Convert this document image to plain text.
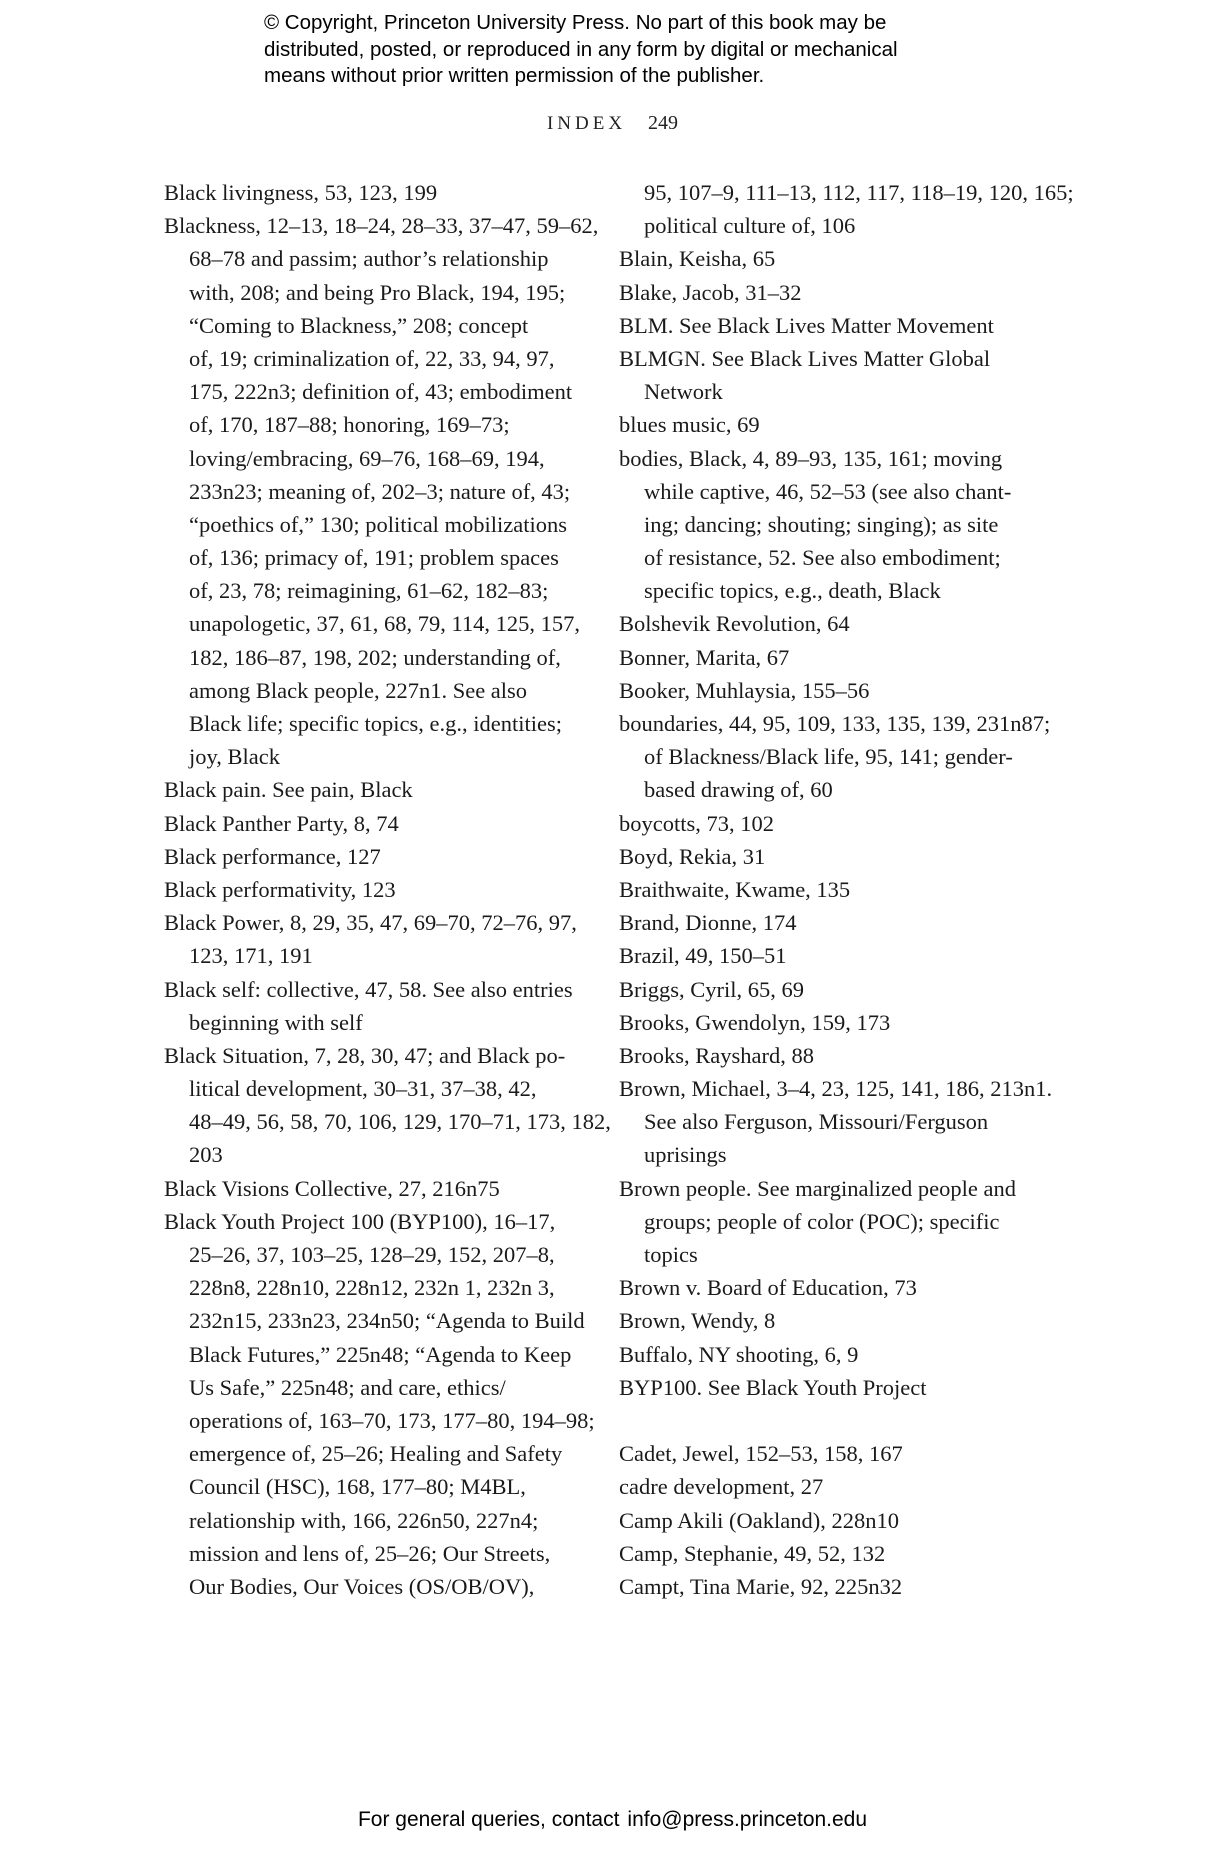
© Copyright, Princeton University Press. No part of this book may be
distributed, posted, or reproduced in any form by digital or mechanical
means without prior written permission of the publisher.
INDEX 249
Black livingness, 53, 123, 199
Blackness, 12–13, 18–24, 28–33, 37–47, 59–62,
68–78 and passim; author’s relationship
with, 208; and being Pro Black, 194, 195;
“Coming to Blackness,” 208; concept
of, 19; criminalization of, 22, 33, 94, 97,
175, 222n3; definition of, 43; embodiment
of, 170, 187–88; honoring, 169–73;
loving/embracing, 69–76, 168–69, 194,
233n23; meaning of, 202–3; nature of, 43;
“poethics of,” 130; political mobilizations
of, 136; primacy of, 191; problem spaces
of, 23, 78; reimagining, 61–62, 182–83;
unapologetic, 37, 61, 68, 79, 114, 125, 157,
182, 186–87, 198, 202; understanding of,
among Black people, 227n1. See also
Black life; specific topics, e.g., identities;
joy, Black
Black pain. See pain, Black
Black Panther Party, 8, 74
Black performance, 127
Black performativity, 123
Black Power, 8, 29, 35, 47, 69–70, 72–76, 97,
123, 171, 191
Black self: collective, 47, 58. See also entries
beginning with self
Black Situation, 7, 28, 30, 47; and Black po-
litical development, 30–31, 37–38, 42,
48–49, 56, 58, 70, 106, 129, 170–71, 173, 182,
203
Black Visions Collective, 27, 216n75
Black Youth Project 100 (BYP100), 16–17,
25–26, 37, 103–25, 128–29, 152, 207–8,
228n8, 228n10, 228n12, 232n 1, 232n 3,
232n15, 233n23, 234n50; “Agenda to Build
Black Futures,” 225n48; “Agenda to Keep
Us Safe,” 225n48; and care, ethics/
operations of, 163–70, 173, 177–80, 194–98;
emergence of, 25–26; Healing and Safety
Council (HSC), 168, 177–80; M4BL,
relationship with, 166, 226n50, 227n4;
mission and lens of, 25–26; Our Streets,
Our Bodies, Our Voices (OS/OB/OV),
95, 107–9, 111–13, 112, 117, 118–19, 120, 165;
political culture of, 106
Blain, Keisha, 65
Blake, Jacob, 31–32
BLM. See Black Lives Matter Movement
BLMGN. See Black Lives Matter Global
Network
blues music, 69
bodies, Black, 4, 89–93, 135, 161; moving
while captive, 46, 52–53 (see also chant-
ing; dancing; shouting; singing); as site
of resistance, 52. See also embodiment;
specific topics, e.g., death, Black
Bolshevik Revolution, 64
Bonner, Marita, 67
Booker, Muhlaysia, 155–56
boundaries, 44, 95, 109, 133, 135, 139, 231n87;
of Blackness/Black life, 95, 141; gender-
based drawing of, 60
boycotts, 73, 102
Boyd, Rekia, 31
Braithwaite, Kwame, 135
Brand, Dionne, 174
Brazil, 49, 150–51
Briggs, Cyril, 65, 69
Brooks, Gwendolyn, 159, 173
Brooks, Rayshard, 88
Brown, Michael, 3–4, 23, 125, 141, 186, 213n1.
See also Ferguson, Missouri/Ferguson
uprisings
Brown people. See marginalized people and
groups; people of color (POC); specific
topics
Brown v. Board of Education, 73
Brown, Wendy, 8
Buffalo, NY shooting, 6, 9
BYP100. See Black Youth Project
Cadet, Jewel, 152–53, 158, 167
cadre development, 27
Camp Akili (Oakland), 228n10
Camp, Stephanie, 49, 52, 132
Campt, Tina Marie, 92, 225n32
For general queries, contact info@press.princeton.edu
